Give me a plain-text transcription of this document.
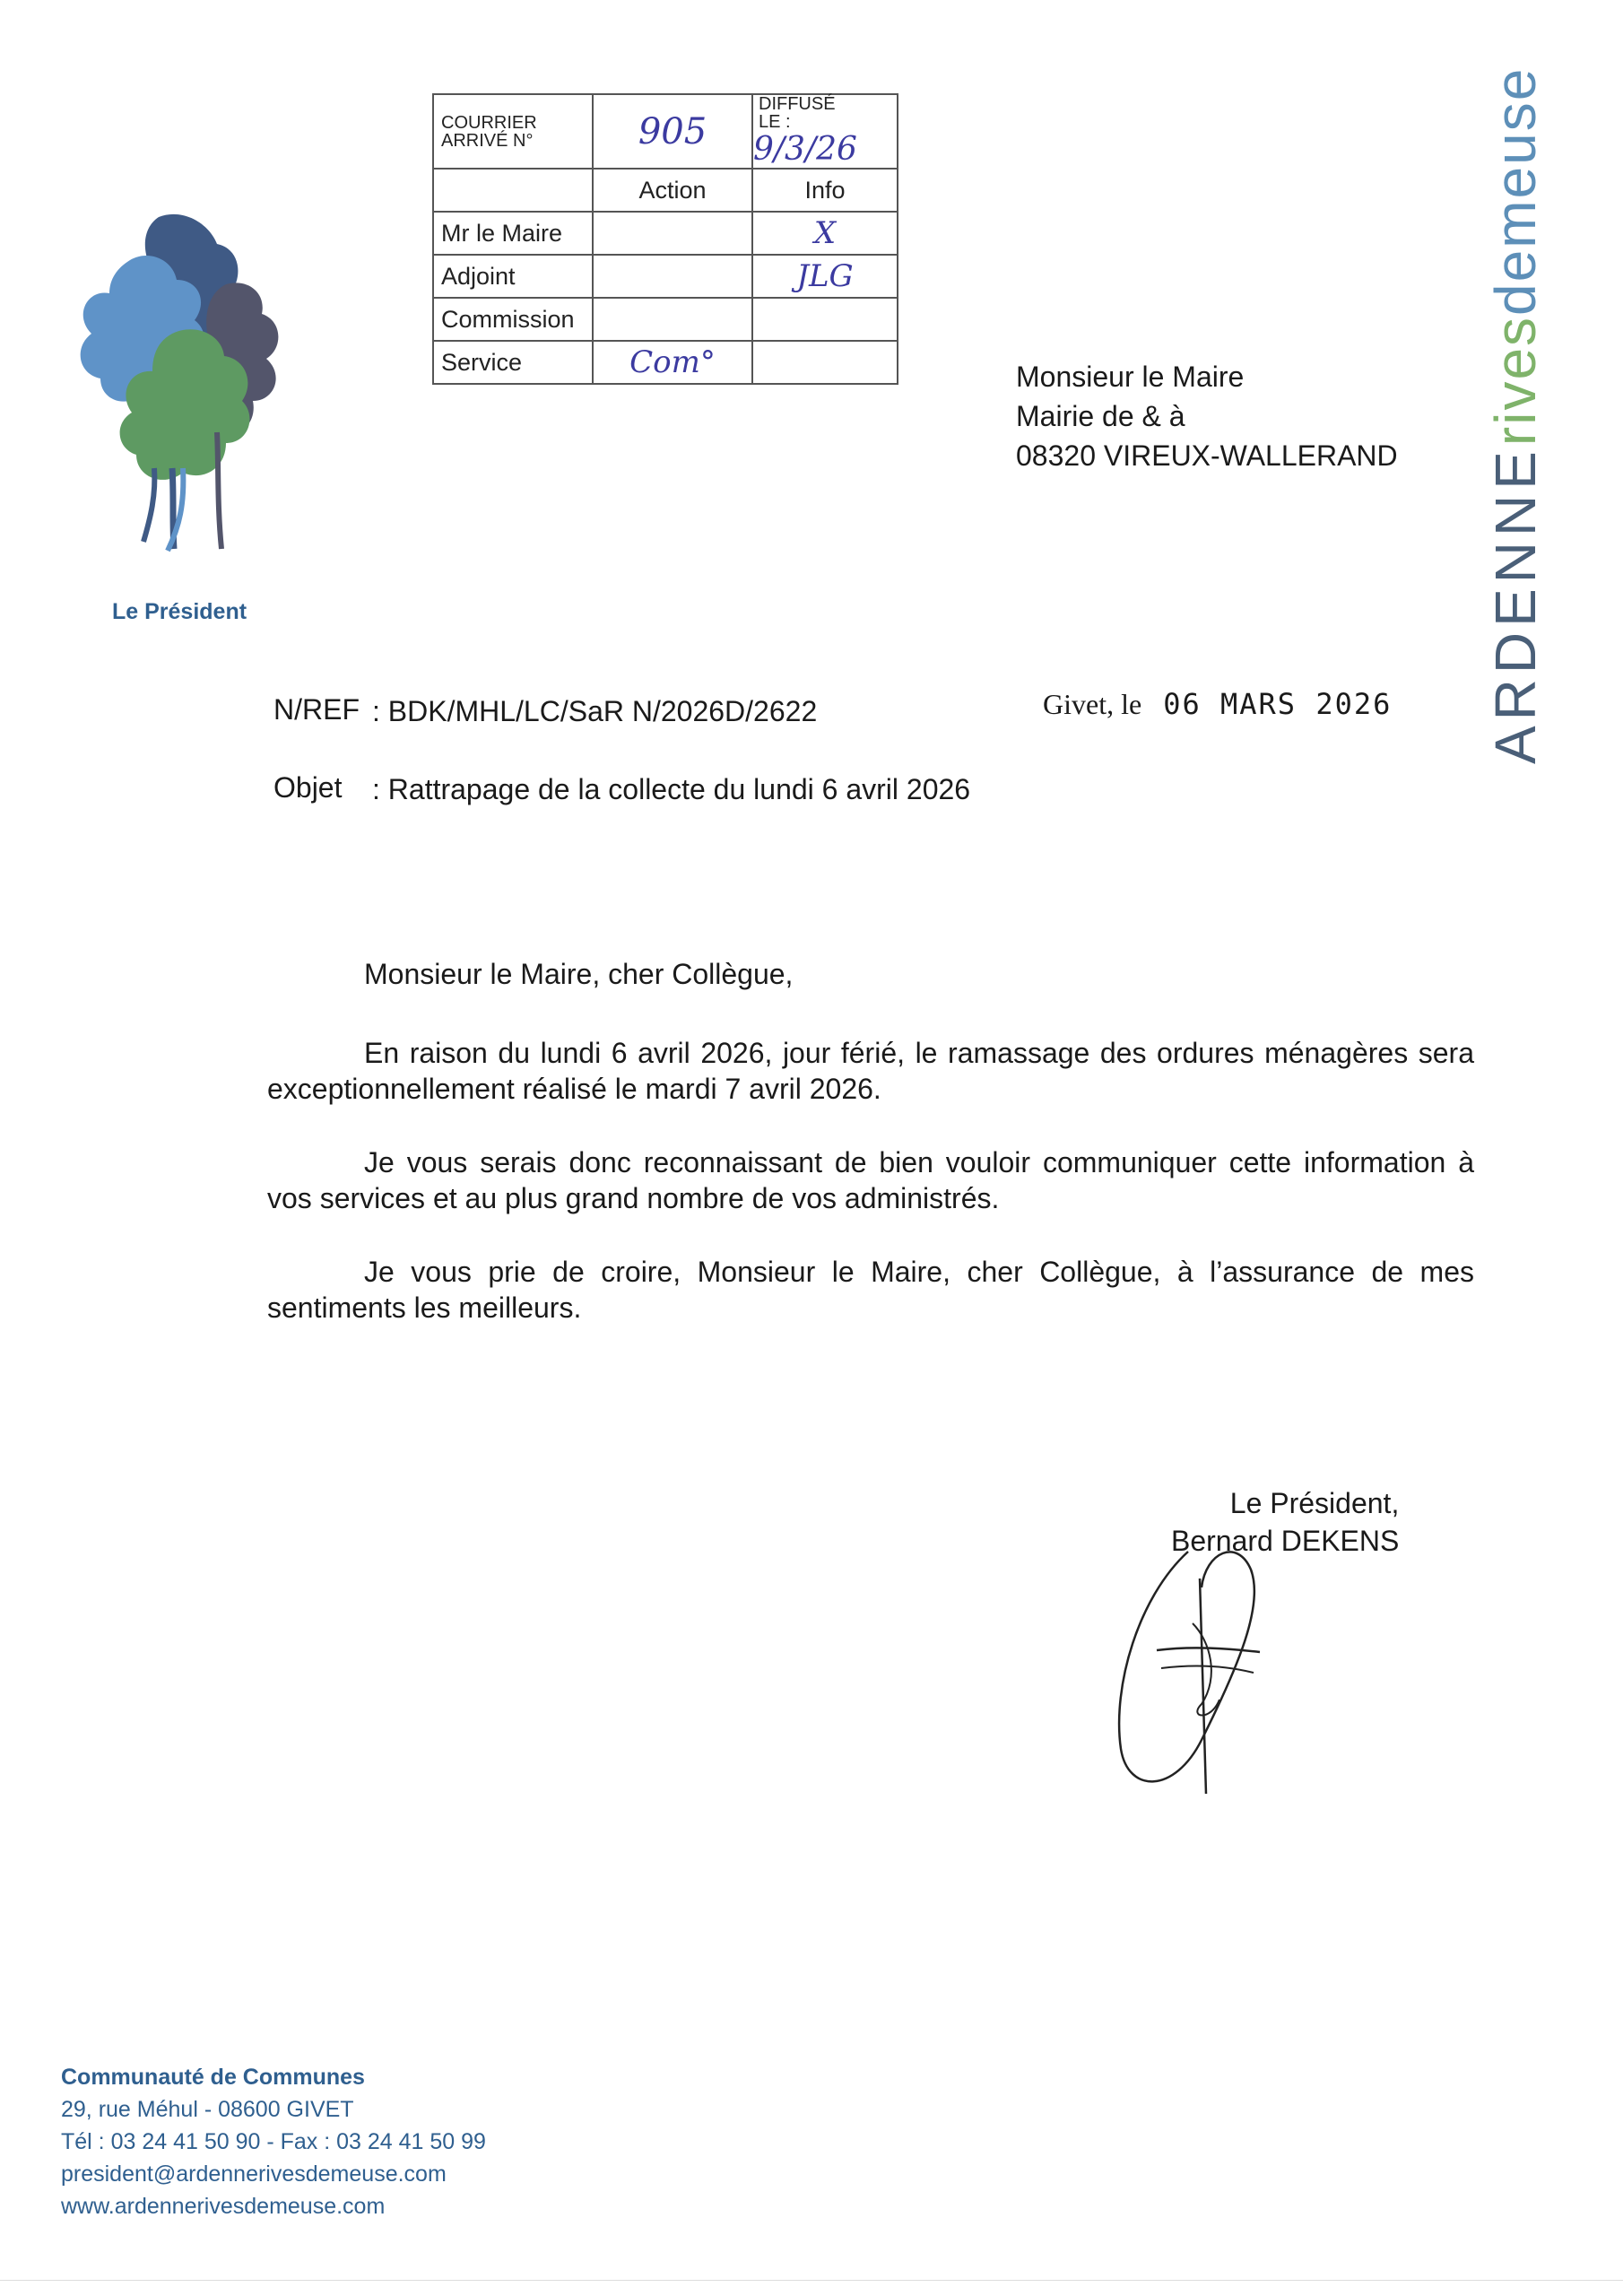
COURRIER ARRIVÉ N°	905	DIFFUSÉ LE :9/3/26
	Action	Info
Mr le Maire		X
Adjoint		JLG
Commission		
Service	Com°	
Le Président	ARDENNErivesdemeuse
Monsieur le Maire
Mairie de & à
08320 VIREUX-WALLERAND
N/REF : BDK/MHL/LC/SaR N/2026D/2622
Objet : Rattrapage de la collecte du lundi 6 avril 2026
Givet, le 06 MARS 2026

Monsieur le Maire, cher Collègue,

En raison du lundi 6 avril 2026, jour férié, le ramassage des ordures ménagères sera exceptionnellement réalisé le mardi 7 avril 2026.

Je vous serais donc reconnaissant de bien vouloir communiquer cette information à vos services et au plus grand nombre de vos administrés.

Je vous prie de croire, Monsieur le Maire, cher Collègue, à l’assurance de mes sentiments les meilleurs.

Le Président,
Bernard DEKENS
Communauté de Communes
29, rue Méhul - 08600 GIVET
Tél : 03 24 41 50 90 - Fax : 03 24 41 50 99
president@ardennerivesdemeuse.com
www.ardennerivesdemeuse.com
